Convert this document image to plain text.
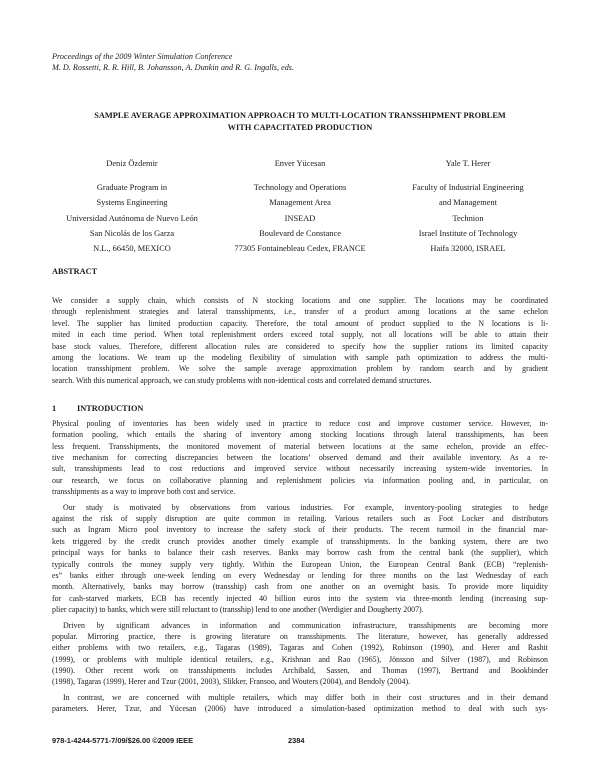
Proceedings of the 2009 Winter Simulation Conference
M. D. Rossetti, R. R. Hill, B. Johansson, A. Dunkin and R. G. Ingalls, eds.
SAMPLE AVERAGE APPROXIMATION APPROACH TO MULTI-LOCATION TRANSSHIPMENT PROBLEM
WITH CAPACITATED PRODUCTION
Deniz Özdemir
Graduate Program in
Systems Engineering
Universidad Autónoma de Nuevo León
San Nicolás de los Garza
N.L., 66450, MEXICO
Enver Yücesan
Technology and Operations
Management Area
INSEAD
Boulevard de Constance
77305 Fontainebleau Cedex, FRANCE
Yale T. Herer
Faculty of Industrial Engineering
and Management
Technion
Israel Institute of Technology
Haifa 32000, ISRAEL
ABSTRACT
We consider a supply chain, which consists of N stocking locations and one supplier. The locations may be coordinated
through replenishment strategies and lateral transshipments, i.e., transfer of a product among locations at the same echelon
level. The supplier has limited production capacity. Therefore, the total amount of product supplied to the N locations is li-
mited in each time period. When total replenishment orders exceed total supply, not all locations will be able to attain their
base stock values. Therefore, different allocation rules are considered to specify how the supplier rations its limited capacity
among the locations. We team up the modeling flexibility of simulation with sample path optimization to address the multi-
location transshipment problem. We solve the sample average approximation problem by random search and by gradient
search. With this numerical approach, we can study problems with non-identical costs and correlated demand structures.
1	INTRODUCTION
Physical pooling of inventories has been widely used in practice to reduce cost and improve customer service. However, in-
formation pooling, which entails the sharing of inventory among stocking locations through lateral transshipments, has been
less frequent. Transshipments, the monitored movement of material between locations at the same echelon, provide an effec-
tive mechanism for correcting discrepancies between the locations’ observed demand and their available inventory. As a re-
sult, transshipments lead to cost reductions and improved service without necessarily increasing system-wide inventories. In
our research, we focus on collaborative planning and replenishment policies via information pooling and, in particular, on
transshipments as a way to improve both cost and service.
Our study is motivated by observations from various industries. For example, inventory-pooling strategies to hedge
against the risk of supply disruption are quite common in retailing. Various retailers such as Foot Locker and distributors
such as Ingram Micro pool inventory to increase the safety stock of their products. The recent turmoil in the financial mar-
kets triggered by the credit crunch provides another timely example of transshipments. In the banking system, there are two
principal ways for banks to balance their cash reserves. Banks may borrow cash from the central bank (the supplier), which
typically controls the money supply very tightly. Within the European Union, the European Central Bank (ECB) “replenish-
es” banks either through one-week lending on every Wednesday or lending for three months on the last Wednesday of each
month. Alternatively, banks may borrow (transship) cash from one another on an overnight basis. To provide more liquidity
for cash-starved markets, ECB has recently injected 40 billion euros into the system via three-month lending (increasing sup-
plier capacity) to banks, which were still reluctant to (transship) lend to one another (Werdigier and Dougherty 2007).
Driven by significant advances in information and communication infrastructure, transshipments are becoming more
popular. Mirroring practice, there is growing literature on transshipments. The literature, however, has generally addressed
either problems with two retailers, e.g., Tagaras (1989), Tagaras and Cohen (1992), Robinson (1990), and Herer and Rashit
(1999), or problems with multiple identical retailers, e.g., Krishnan and Rao (1965), Jönsson and Silver (1987), and Robinson
(1990). Other recent work on transshipments includes Archibald, Sassen, and Thomas (1997), Bertrand and Bookbinder
(1998), Tagaras (1999), Herer and Tzur (2001, 2003), Slikker, Fransoo, and Wouters (2004), and Bendoly (2004).
In contrast, we are concerned with multiple retailers, which may differ both in their cost structures and in their demand
parameters. Herer, Tzur, and Yücesan (2006) have introduced a simulation-based optimization method to deal with such sys-
978-1-4244-5771-7/09/$26.00 ©2009 IEEE	2384
